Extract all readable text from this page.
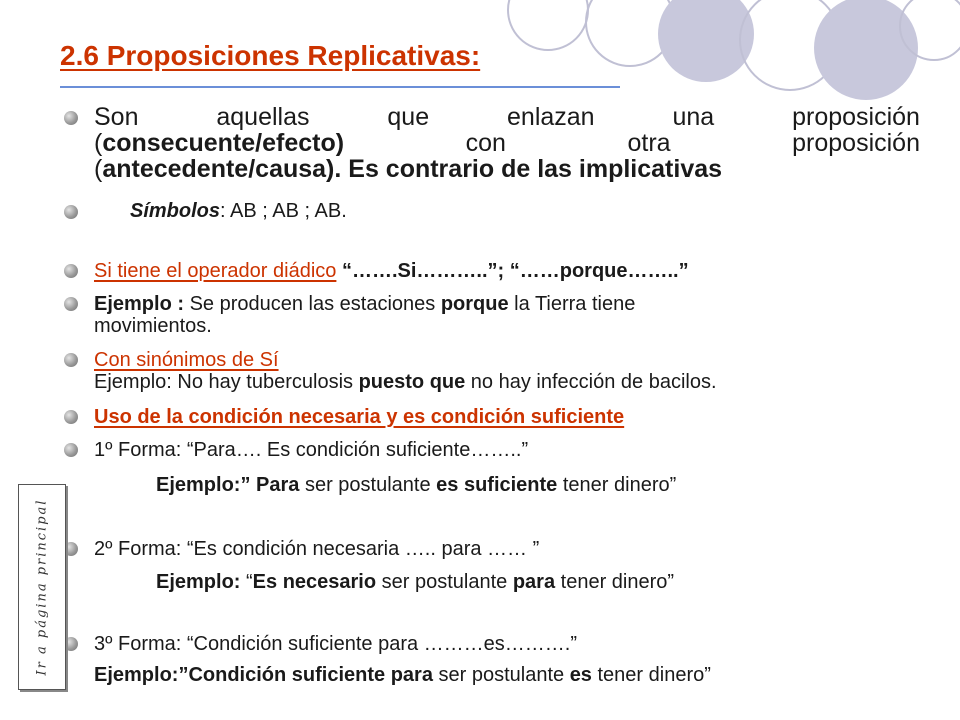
2.6 Proposiciones Replicativas:
Son	aquellas	que	enlazan	una	proposición
(consecuente/efecto)	con	otra	proposición
(antecedente/causa). Es contrario de las implicativas
Símbolos: AB ; AB ; AB.
Si tiene el operador diádico “…….Si………..”; “……porque……..”
Ejemplo : Se producen las estaciones porque la Tierra tiene
movimientos.
Con sinónimos de Sí
Ejemplo: No hay tuberculosis puesto que no hay infección de bacilos.
Uso de la condición necesaria y es condición suficiente
1º Forma: “Para…. Es condición suficiente……..”
Ejemplo:” Para ser postulante es suficiente tener dinero”
2º Forma: “Es condición necesaria ….. para …… ”
Ejemplo: “Es necesario ser postulante para tener dinero”
3º Forma: “Condición suficiente para ………es……….”
Ejemplo:”Condición suficiente para ser postulante es tener dinero”
Ir a página principal
